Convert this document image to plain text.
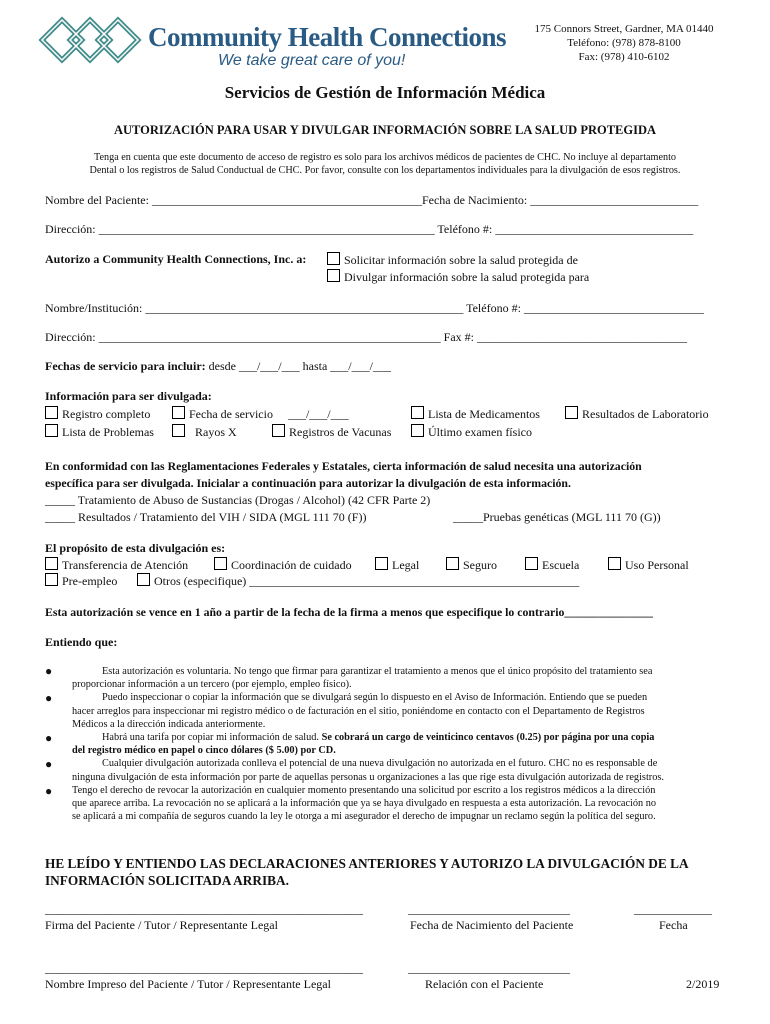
Community Health Connections
We take great care of you!
175 Connors Street, Gardner, MA 01440
Teléfono: (978) 878-8100
Fax: (978) 410-6102
Servicios de Gestión de Información Médica
AUTORIZACIÓN PARA USAR Y DIVULGAR INFORMACIÓN SOBRE LA SALUD PROTEGIDA
Tenga en cuenta que este documento de acceso de registro es solo para los archivos médicos de pacientes de CHC. No incluye al departamento
Dental o los registros de Salud Conductual de CHC. Por favor, consulte con los departamentos individuales para la divulgación de esos registros.
Nombre del Paciente: _____________________________________________Fecha de Nacimiento: ____________________________
Dirección: ________________________________________________________ Teléfono #: _________________________________
Autorizo a Community Health Connections, Inc. a:	Solicitar información sobre la salud protegida de
Divulgar información sobre la salud protegida para
Nombre/Institución: _____________________________________________________ Teléfono #: ______________________________
Dirección: _________________________________________________________ Fax #: ___________________________________
Fechas de servicio para incluir: desde ___/___/___ hasta ___/___/___
Información para ser divulgada:
Registro completo	Fecha de servicio     ___/___/___	Lista de Medicamentos	Resultados de Laboratorio
Lista de Problemas	Rayos X	Registros de Vacunas	Último examen físico
En conformidad con las Reglamentaciones Federales y Estatales, cierta información de salud necesita una autorización
específica para ser divulgada. Inicialar a continuación para autorizar la divulgación de esta información.
_____ Tratamiento de Abuso de Sustancias (Drogas / Alcohol) (42 CFR Parte 2)
_____ Resultados / Tratamiento del VIH / SIDA (MGL 111 70 (F))	_____Pruebas genéticas (MGL 111 70 (G))
El propósito de esta divulgación es:
Transferencia de Atención	Coordinación de cuidado	Legal	Seguro	Escuela	Uso Personal
Pre-empleo	Otros (especifique) _______________________________________________________
Esta autorización se vence en 1 año a partir de la fecha de la firma a menos que especifique lo contrario_______________
Entiendo que:
●
●
●
●
●
Esta autorización es voluntaria. No tengo que firmar para garantizar el tratamiento a menos que el único propósito del tratamiento sea
proporcionar información a un tercero (por ejemplo, empleo físico).
Puedo inspeccionar o copiar la información que se divulgará según lo dispuesto en el Aviso de Información. Entiendo que se pueden
hacer arreglos para inspeccionar mi registro médico o de facturación en el sitio, poniéndome en contacto con el Departamento de Registros
Médicos a la dirección indicada anteriormente.
Habrá una tarifa por copiar mi información de salud. Se cobrará un cargo de veinticinco centavos (0.25) por página por una copia
del registro médico en papel o cinco dólares ($ 5.00) por CD.
Cualquier divulgación autorizada conlleva el potencial de una nueva divulgación no autorizada en el futuro. CHC no es responsable de
ninguna divulgación de esta información por parte de aquellas personas u organizaciones a las que rige esta divulgación autorizada de registros.
Tengo el derecho de revocar la autorización en cualquier momento presentando una solicitud por escrito a los registros médicos a la dirección
que aparece arriba. La revocación no se aplicará a la información que ya se haya divulgado en respuesta a esta autorización. La revocación no
se aplicará a mi compañía de seguros cuando la ley le otorga a mi asegurador el derecho de impugnar un reclamo según la política del seguro.
HE LEÍDO Y ENTIENDO LAS DECLARACIONES ANTERIORES Y AUTORIZO LA DIVULGACIÓN DE LA
INFORMACIÓN SOLICITADA ARRIBA.
_____________________________________________________	___________________________	_____________
Firma del Paciente / Tutor / Representante Legal	Fecha de Nacimiento del Paciente	Fecha
_____________________________________________________	___________________________
Nombre Impreso del Paciente / Tutor / Representante Legal	Relación con el Paciente	2/2019
